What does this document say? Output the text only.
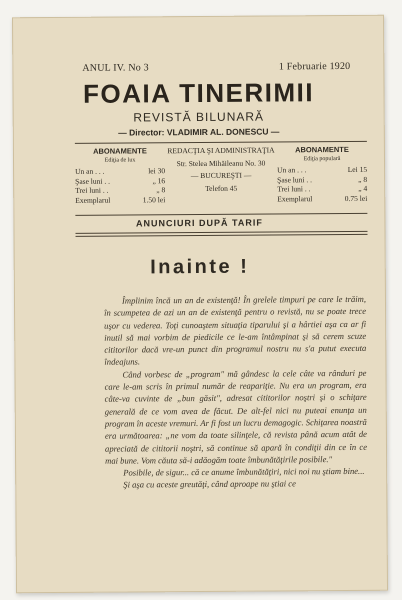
ANUL IV. No 3	1 Februarie 1920
FOAIA TINERIMII
REVISTĂ BILUNARĂ
— Director: VLADIMIR AL. DONESCU —
ABONAMENTE
Ediţia de lux
Un an . . .	lei 30
Şase luni . .	„ 16
Trei luni . .	„ 8
Exemplarul	1.50 lei
REDACŢIA ŞI ADMINISTRAŢIA
Str. Stelea Mihăileanu No. 30
— BUCUREŞTI —
Telefon 45
ABONAMENTE
Ediţia populară
Un an . . .	Lei 15
Şase luni . .	„ 8
Trei luni . .	„ 4
Exemplarul	0.75 lei
ANUNCIURI DUPĂ TARIF
Inainte !

Împlinim încă un an de existenţă! În grelele timpuri pe care le trăim, în scumpetea de azi un an de existenţă pentru o revistă, nu se poate trece uşor cu vederea. Toţi cunoaştem situaţia tiparului şi a hârtiei aşa ca ar fi inutil să mai vorbim de piedicile ce le-am întâmpinat şi să cerem scuze cititorilor dacă vre-un punct din programul nostru nu s'a putut executa îndeajuns.

Când vorbesc de „program" mă gândesc la cele câte va rânduri pe care le-am scris în primul număr de reapariţie. Nu era un program, era câte-va cuvinte de „bun găsit", adresat cititorilor noştri şi o schiţare generală de ce vom avea de făcut. De alt-fel nici nu puteai enunţa un program în aceste vremuri. Ar fi fost un lucru demagogic. Schiţarea noastră era următoarea: „ne vom da toate silinţele, că revista până acum atât de apreciată de cititorii noştri, să continue să apară în condiţii din ce în ce mai bune. Vom căuta să-i adăogăm toate îmbunătăţirile posibile."

Posibile, de sigur... că ce anume îmbunătăţiri, nici noi nu ştiam bine...

Şi aşa cu aceste greutăţi, când aproape nu ştiai ce
